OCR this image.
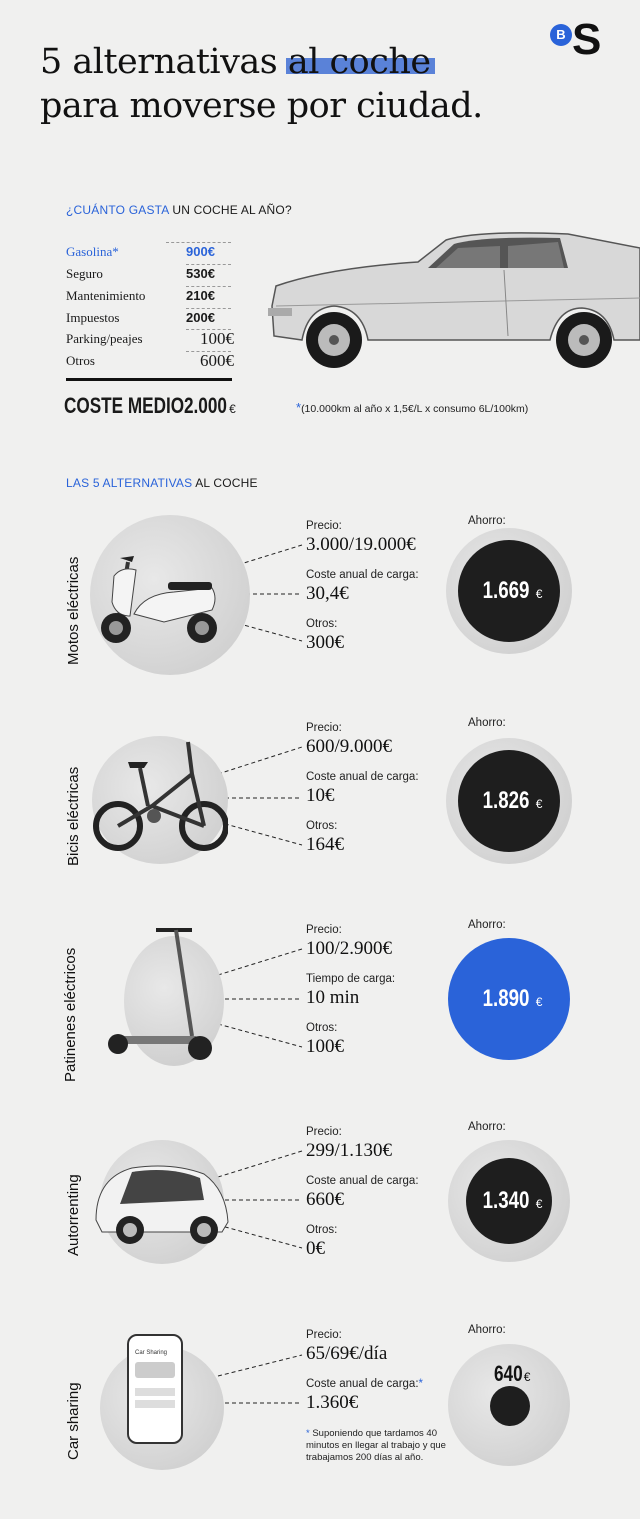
5 alternativas al coche
para moverse por ciudad.
B S
¿CUÁNTO GASTA UN COCHE AL AÑO?
Gasolina*	900€
Seguro	530€
Mantenimiento	210€
Impuestos	200€
Parking/peajes	100€
Otros	600€
COSTE MEDIO 2.000 €	*(10.000km al año x 1,5€/L x consumo 6L/100km)
LAS 5 ALTERNATIVAS AL COCHE
Motos eléctricas
Precio:
3.000/19.000€
Coste anual de carga:
30,4€
Otros:
300€
Ahorro:
1.669 €
Bicis eléctricas
Precio:
600/9.000€
Coste anual de carga:
10€
Otros:
164€
Ahorro:
1.826 €
Patinenes eléctricos
Precio:
100/2.900€
Tiempo de carga:
10 min
Otros:
100€
Ahorro:
1.890 €
Autorrenting
Precio:
299/1.130€
Coste anual de carga:
660€
Otros:
0€
Ahorro:
1.340 €
Car sharing
Car Sharing
Precio:
65/69€/día
Coste anual de carga:*
1.360€
* Suponiendo que tardamos 40 minutos en llegar al trabajo y que trabajamos 200 días al año.
Ahorro:
640€
